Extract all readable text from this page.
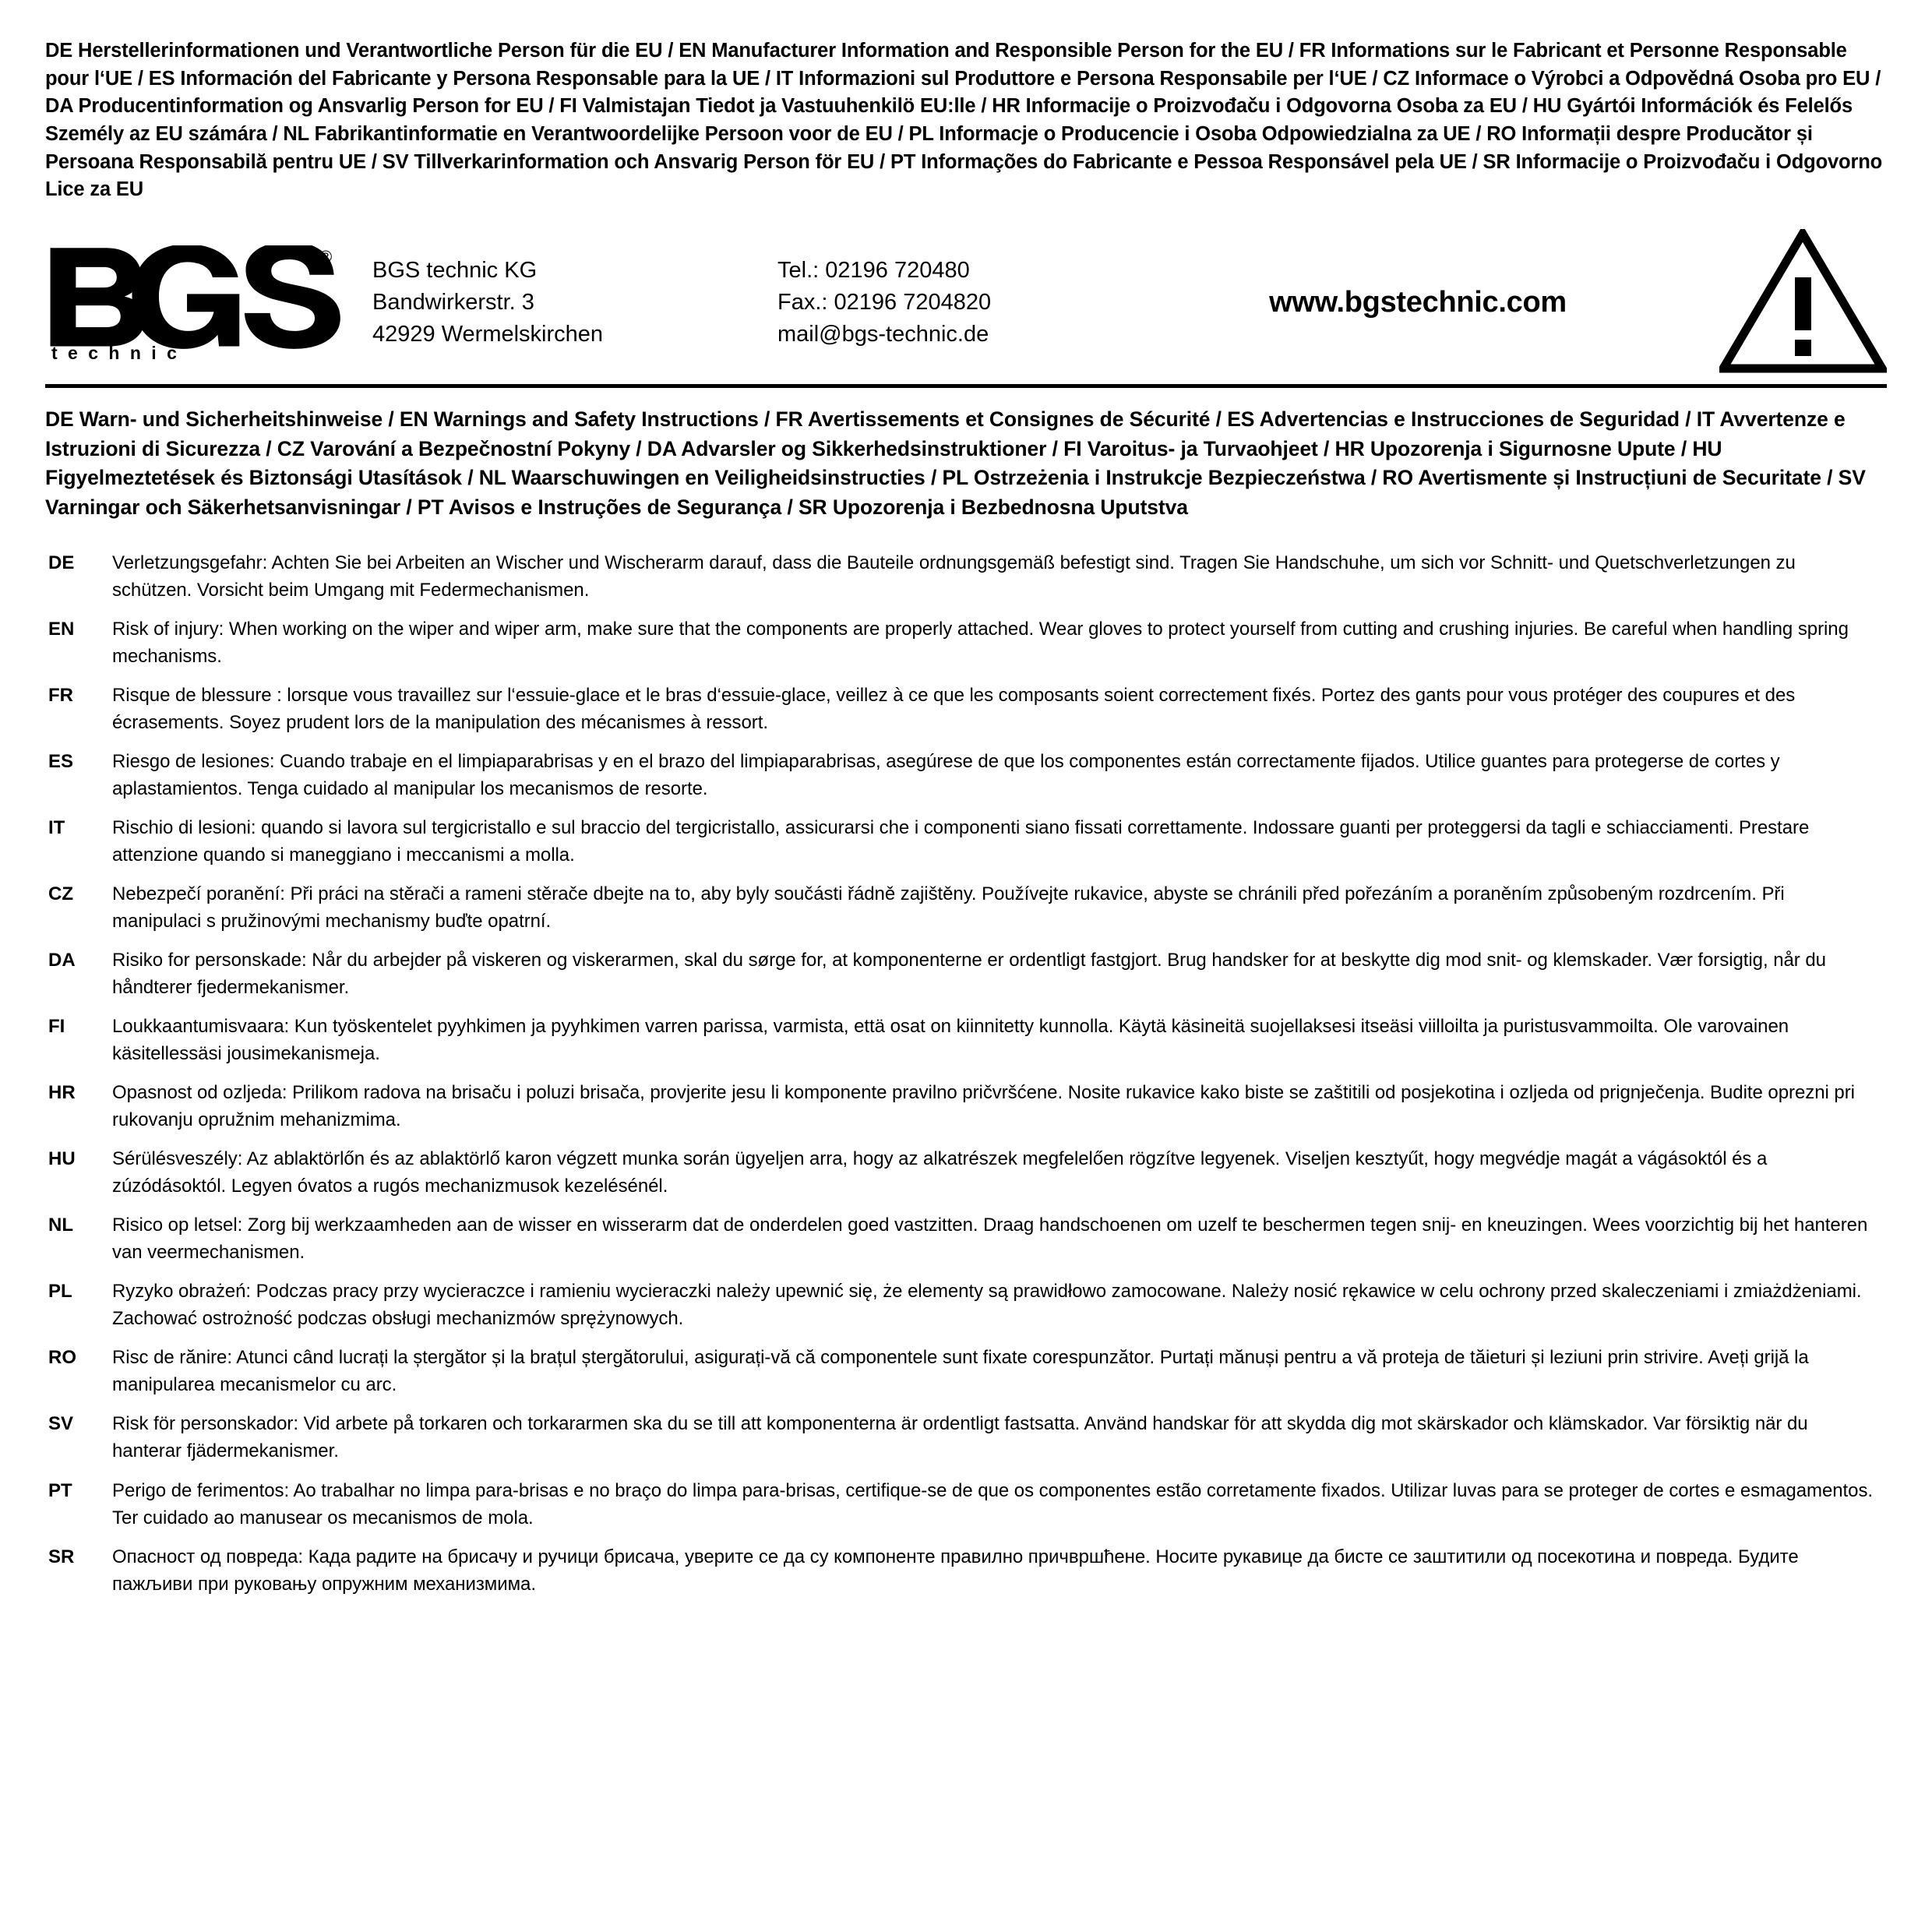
DE Herstellerinformationen und Verantwortliche Person für die EU / EN Manufacturer Information and Responsible Person for the EU / FR Informations sur le Fabricant et Personne Responsable pour l‘UE / ES Información del Fabricante y Persona Responsable para la UE / IT Informazioni sul Produttore e Persona Responsabile per l‘UE / CZ Informace o Výrobci a Odpovědná Osoba pro EU / DA Producentinformation og Ansvarlig Person for EU / FI Valmistajan Tiedot ja Vastuuhenkilö EU:lle / HR Informacije o Proizvođaču i Odgovorna Osoba za EU / HU Gyártói Információk és Felelős Személy az EU számára / NL Fabrikantinformatie en Verantwoordelijke Persoon voor de EU / PL Informacje o Producencie i Osoba Odpowiedzialna za UE / RO Informații despre Producător și Persoana Responsabilă pentru UE / SV Tillverkarinformation och Ansvarig Person för EU / PT Informações do Fabricante e Pessoa Responsável pela UE / SR Informacije o Proizvođaču i Odgovorno Lice za EU
t e c h n i c
®
BGS technic KG
Bandwirkerstr. 3
42929 Wermelskirchen
Tel.: 02196 720480
Fax.: 02196 7204820
mail@bgs-technic.de
www.bgstechnic.com
DE Warn- und Sicherheitshinweise / EN Warnings and Safety Instructions / FR Avertissements et Consignes de Sécurité / ES Advertencias e Instrucciones de Seguridad / IT Avvertenze e Istruzioni di Sicurezza / CZ Varování a Bezpečnostní Pokyny / DA Advarsler og Sikkerhedsinstruktioner / FI Varoitus- ja Turvaohjeet / HR Upozorenja i Sigurnosne Upute / HU Figyelmeztetések és Biztonsági Utasítások / NL Waarschuwingen en Veiligheidsinstructies / PL Ostrzeżenia i Instrukcje Bezpieczeństwa / RO Avertismente și Instrucțiuni de Securitate / SV Varningar och Säkerhetsanvisningar / PT Avisos e Instruções de Segurança / SR Upozorenja i Bezbednosna Uputstva
DE	Verletzungsgefahr: Achten Sie bei Arbeiten an Wischer und Wischerarm darauf, dass die Bauteile ordnungsgemäß befestigt sind. Tragen Sie Handschuhe, um sich vor Schnitt- und Quetschverletzungen zu schützen. Vorsicht beim Umgang mit Federmechanismen.
EN	Risk of injury: When working on the wiper and wiper arm, make sure that the components are properly attached. Wear gloves to protect yourself from cutting and crushing injuries. Be careful when handling spring mechanisms.
FR	Risque de blessure : lorsque vous travaillez sur l‘essuie-glace et le bras d‘essuie-glace, veillez à ce que les composants soient correctement fixés. Portez des gants pour vous protéger des coupures et des écrasements. Soyez prudent lors de la manipulation des mécanismes à ressort.
ES	Riesgo de lesiones: Cuando trabaje en el limpiaparabrisas y en el brazo del limpiaparabrisas, asegúrese de que los componentes están correctamente fijados. Utilice guantes para protegerse de cortes y aplastamientos. Tenga cuidado al manipular los mecanismos de resorte.
IT	Rischio di lesioni: quando si lavora sul tergicristallo e sul braccio del tergicristallo, assicurarsi che i componenti siano fissati correttamente. Indossare guanti per proteggersi da tagli e schiacciamenti. Prestare attenzione quando si maneggiano i meccanismi a molla.
CZ	Nebezpečí poranění: Při práci na stěrači a rameni stěrače dbejte na to, aby byly součásti řádně zajištěny. Používejte rukavice, abyste se chránili před pořezáním a poraněním způsobeným rozdrcením. Při manipulaci s pružinovými mechanismy buďte opatrní.
DA	Risiko for personskade: Når du arbejder på viskeren og viskerarmen, skal du sørge for, at komponenterne er ordentligt fastgjort. Brug handsker for at beskytte dig mod snit- og klemskader. Vær forsigtig, når du håndterer fjedermekanismer.
FI	Loukkaantumisvaara: Kun työskentelet pyyhkimen ja pyyhkimen varren parissa, varmista, että osat on kiinnitetty kunnolla. Käytä käsineitä suojellaksesi itseäsi viilloilta ja puristusvammoilta. Ole varovainen käsitellessäsi jousimekanismeja.
HR	Opasnost od ozljeda: Prilikom radova na brisaču i poluzi brisača, provjerite jesu li komponente pravilno pričvršćene. Nosite rukavice kako biste se zaštitili od posjekotina i ozljeda od prignječenja. Budite oprezni pri rukovanju opružnim mehanizmima.
HU	Sérülésveszély: Az ablaktörlőn és az ablaktörlő karon végzett munka során ügyeljen arra, hogy az alkatrészek megfelelően rögzítve legyenek. Viseljen kesztyűt, hogy megvédje magát a vágásoktól és a zúzódásoktól. Legyen óvatos a rugós mechanizmusok kezelésénél.
NL	Risico op letsel: Zorg bij werkzaamheden aan de wisser en wisserarm dat de onderdelen goed vastzitten. Draag handschoenen om uzelf te beschermen tegen snij- en kneuzingen. Wees voorzichtig bij het hanteren van veermechanismen.
PL	Ryzyko obrażeń: Podczas pracy przy wycieraczce i ramieniu wycieraczki należy upewnić się, że elementy są prawidłowo zamocowane. Należy nosić rękawice w celu ochrony przed skaleczeniami i zmiażdżeniami. Zachować ostrożność podczas obsługi mechanizmów sprężynowych.
RO	Risc de rănire: Atunci când lucrați la ștergător și la brațul ștergătorului, asigurați-vă că componentele sunt fixate corespunzător. Purtați mănuși pentru a vă proteja de tăieturi și leziuni prin strivire. Aveți grijă la manipularea mecanismelor cu arc.
SV	Risk för personskador: Vid arbete på torkaren och torkararmen ska du se till att komponenterna är ordentligt fastsatta. Använd handskar för att skydda dig mot skärskador och klämskador. Var försiktig när du hanterar fjädermekanismer.
PT	Perigo de ferimentos: Ao trabalhar no limpa para-brisas e no braço do limpa para-brisas, certifique-se de que os componentes estão corretamente fixados. Utilizar luvas para se proteger de cortes e esmagamentos. Ter cuidado ao manusear os mecanismos de mola.
SR	Опасност од повреда: Када радите на брисачу и ручици брисача, уверите се да су компоненте правилно причвршћене. Носите рукавице да бисте се заштитили од посекотина и повреда. Будите пажљиви при руковању опружним механизмима.
